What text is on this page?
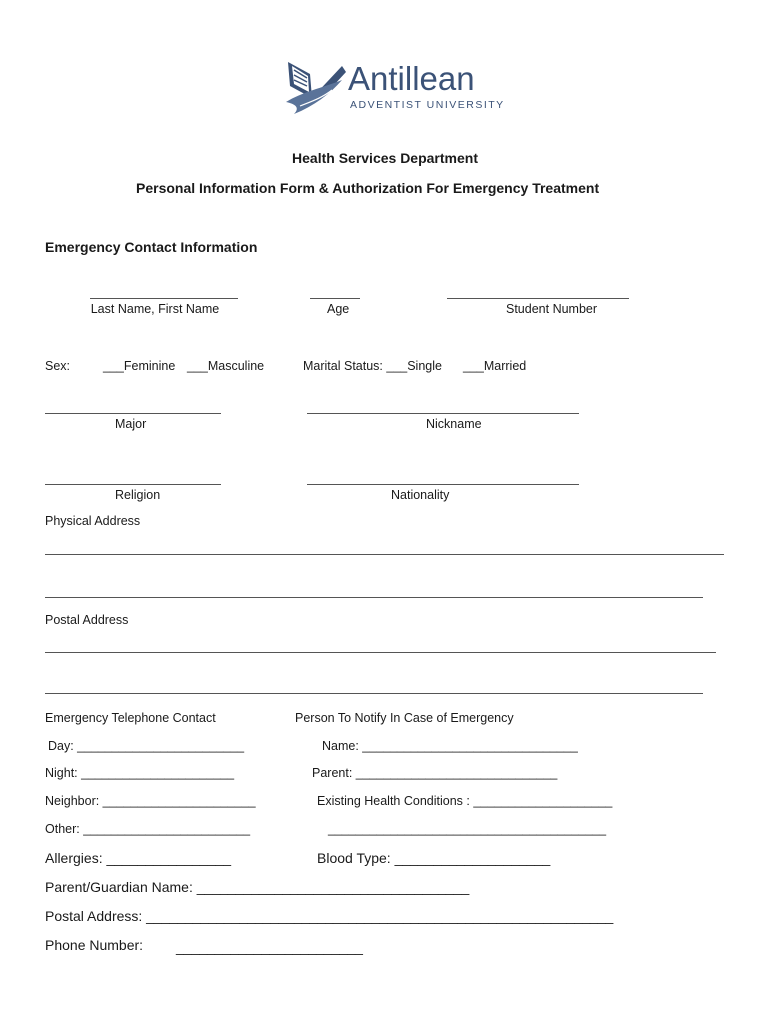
Antillean
ADVENTIST UNIVERSITY
Health Services Department
Personal Information Form & Authorization For Emergency Treatment
Emergency Contact Information
Last Name, First Name	Age	Student Number
Sex:	___Feminine ___Masculine	Marital Status: ___Single ___Married
Major	Nickname
Religion	Nationality
Physical Address
Postal Address
Emergency Telephone Contact	Person To Notify In Case of Emergency
Day: ________________________	Name: _______________________________
Night: ______________________	Parent: _____________________________
Neighbor: ______________________	Existing Health Conditions : ____________________
Other: ________________________	________________________________________
Allergies: ________________	Blood Type: ____________________
Parent/Guardian Name: ___________________________________
Postal Address: ____________________________________________________________
Phone Number: ________________________
